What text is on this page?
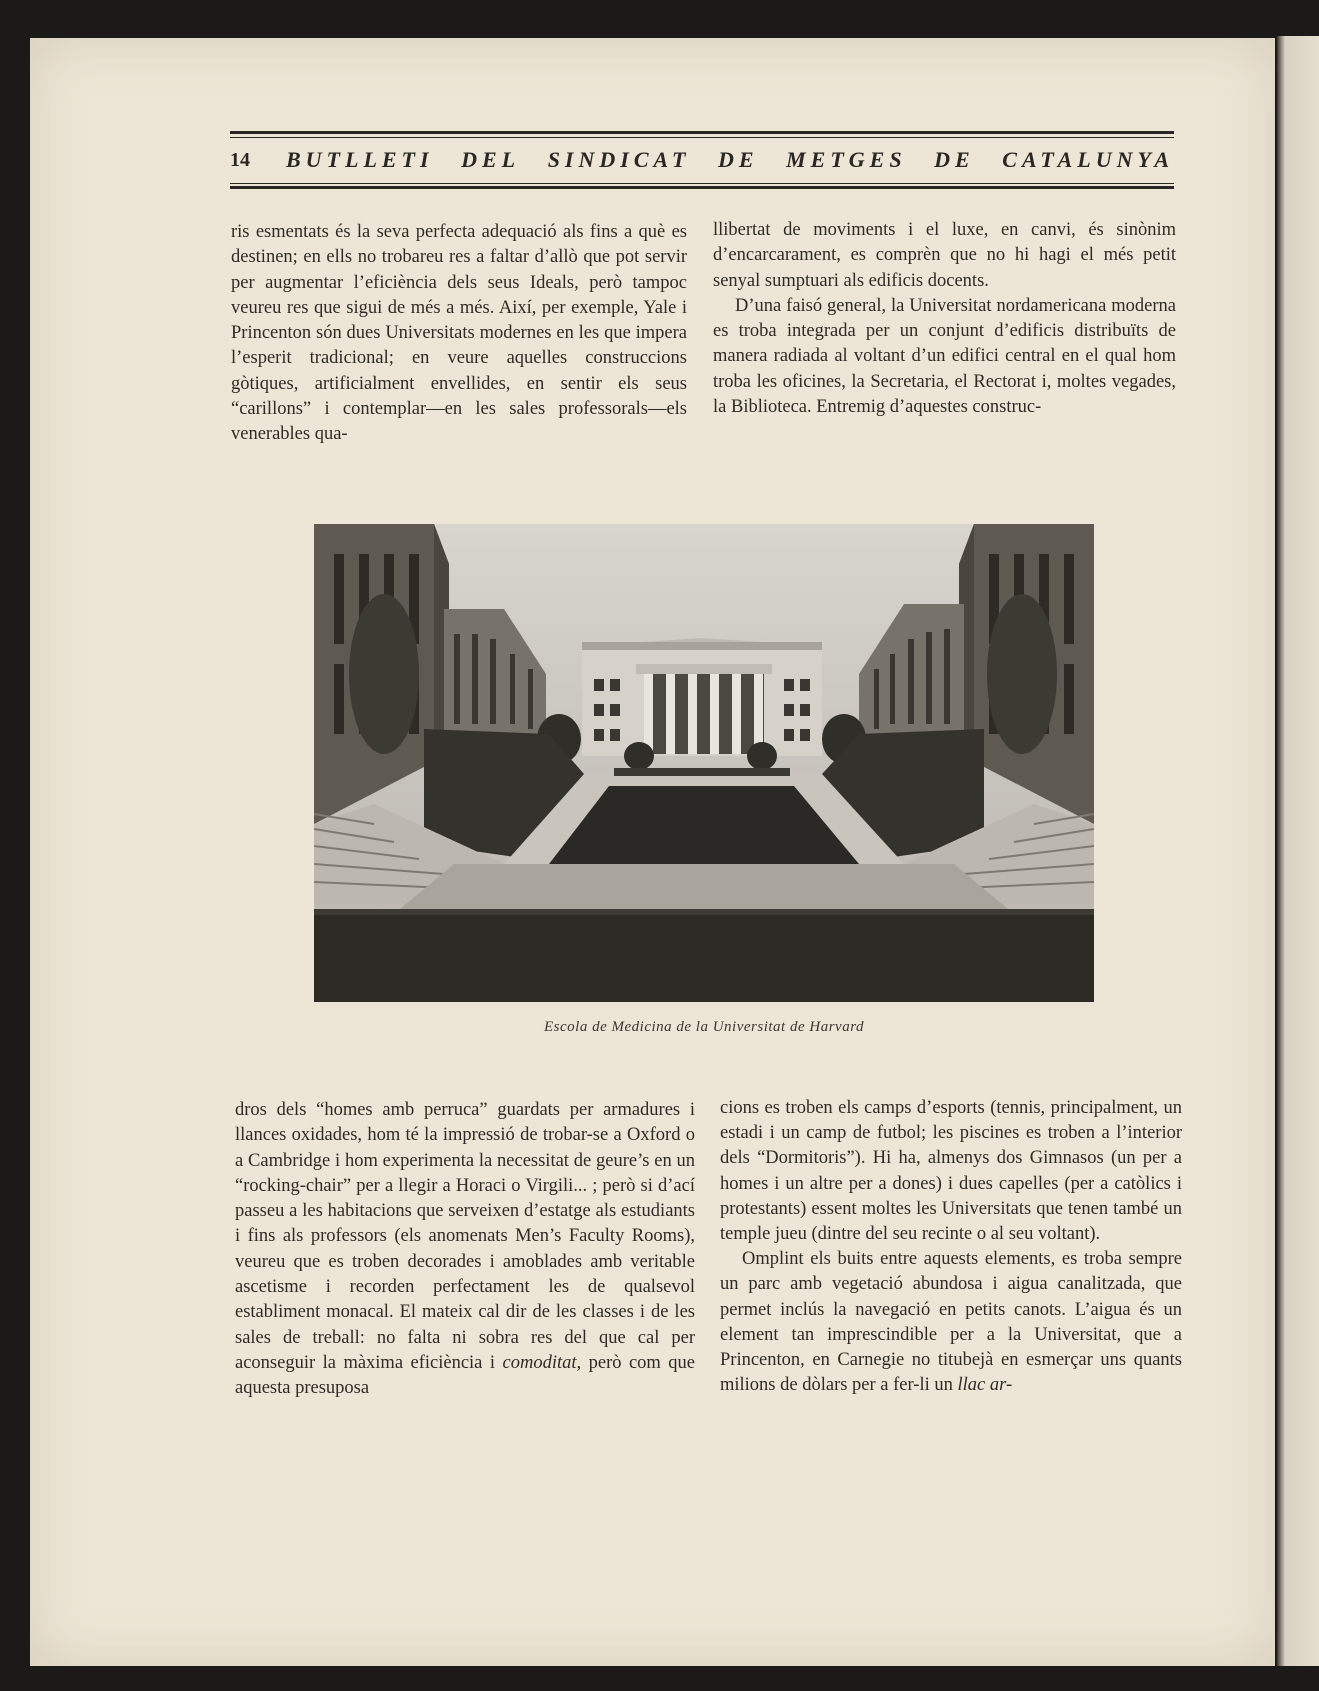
14	BUTLLETI DEL SINDICAT DE METGES DE CATALUNYA

ris esmentats és la seva perfecta adequació als fins a què es destinen; en ells no trobareu res a faltar d’allò que pot servir per augmentar l’eficiència dels seus Ideals, però tampoc veureu res que sigui de més a més. Així, per exemple, Yale i Princenton són dues Universitats modernes en les que impera l’esperit tradicional; en veure aquelles construccions gòtiques, artificialment envellides, en sentir els seus “carillons” i contemplar—en les sales professorals—els venerables qua-

llibertat de moviments i el luxe, en canvi, és sinònim d’encarcarament, es comprèn que no hi hagi el més petit senyal sumptuari als edificis docents.

D’una faisó general, la Universitat nordamericana moderna es troba integrada per un conjunt d’edificis distribuïts de manera radiada al voltant d’un edifici central en el qual hom troba les oficines, la Secretaria, el Rectorat i, moltes vegades, la Biblioteca. Entremig d’aquestes construc-

Escola de Medicina de la Universitat de Harvard

dros dels “homes amb perruca” guardats per armadures i llances oxidades, hom té la impressió de trobar-se a Oxford o a Cambridge i hom experimenta la necessitat de geure’s en un “rocking-chair” per a llegir a Horaci o Virgili... ; però si d’ací passeu a les habitacions que serveixen d’estatge als estudiants i fins als professors (els anomenats Men’s Faculty Rooms), veureu que es troben decorades i amoblades amb veritable ascetisme i recorden perfectament les de qualsevol establiment monacal. El mateix cal dir de les classes i de les sales de treball: no falta ni sobra res del que cal per aconseguir la màxima eficiència i comoditat, però com que aquesta presuposa

cions es troben els camps d’esports (tennis, principalment, un estadi i un camp de futbol; les piscines es troben a l’interior dels “Dormitoris”). Hi ha, almenys dos Gimnasos (un per a homes i un altre per a dones) i dues capelles (per a catòlics i protestants) essent moltes les Universitats que tenen també un temple jueu (dintre del seu recinte o al seu voltant).

Omplint els buits entre aquests elements, es troba sempre un parc amb vegetació abundosa i aigua canalitzada, que permet inclús la navegació en petits canots. L’aigua és un element tan imprescindible per a la Universitat, que a Princenton, en Carnegie no titubejà en esmerçar uns quants milions de dòlars per a fer-li un llac ar-
